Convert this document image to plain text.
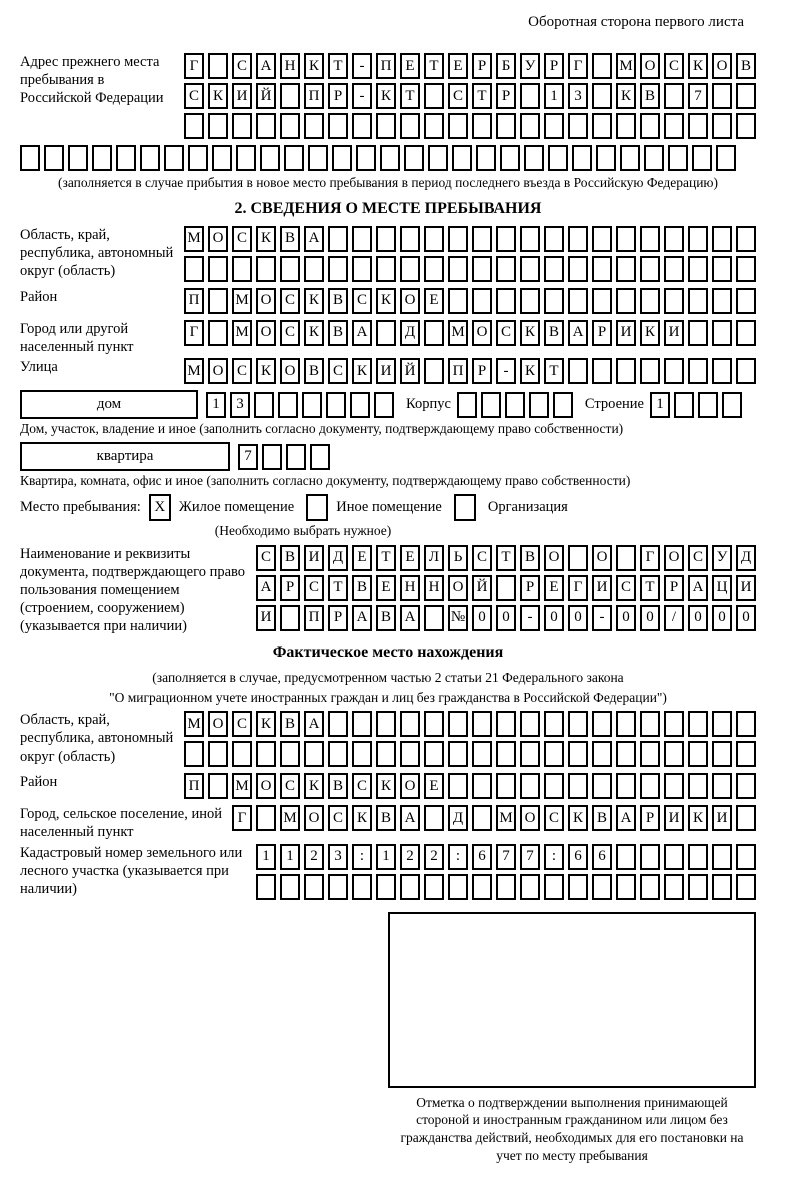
Оборотная сторона первого листа
Адрес прежнего места пребывания в Российской Федерации
Г	С А Н К Т	-	П Е Т Е	Р	Б У Р	Г	М О С К О В
С К И Й	П Р	-	К Т	С Т	Р	1	3	К В	7
(заполняется в случае прибытия в новое место пребывания в период последнего въезда в Российскую Федерацию)
2. СВЕДЕНИЯ О МЕСТЕ ПРЕБЫВАНИЯ
Область, край, республика, автономный округ (область)
М О С К В А
Район	П	М О С К В С К О Е
Город или другой населенный пункт
Г	М О С К В А	Д	М О С К В А Р И К И
Улица	М О С К О В С К И Й	П Р	-	К Т
дом	1	3	Корпус	Строение 1
Дом, участок, владение и иное (заполнить согласно документу, подтверждающему право собственности)
квартира	7
Квартира, комната, офис и иное (заполнить согласно документу, подтверждающему право собственности)
Место пребывания: X Жилое помещение	Иное помещение	Организация
(Необходимо выбрать нужное)
Наименование и реквизиты документа, подтверждающего право пользования помещением (строением, сооружением) (указывается при наличии)
С В И Д Е Т Е Л Ь С Т В О	О	Г О С У Д
А Р С Т В Е Н Н О Й	Р	Е	Г И С Т	Р А Ц И
И	П Р А В А	№ 0	0	-	0	0	-	0	0	/	0	0	0
Фактическое место нахождения
(заполняется в случае, предусмотренном частью 2 статьи 21 Федерального закона
"О миграционном учете иностранных граждан и лиц без гражданства в Российской Федерации")
Область, край, республика, автономный округ (область)
М О С К В А
Район	П	М О С К В С К О Е
Город, сельское поселение, иной населенный пункт
Г	М О С К В А	Д	М О С К В А Р И К И
Кадастровый номер земельного или лесного участка (указывается при наличии)
1	1	2	3	:	1	2	2	:	6	7	7	:	6	6
Отметка о подтверждении выполнения принимающей стороной и иностранным гражданином или лицом без гражданства действий, необходимых для его постановки на учет по месту пребывания
